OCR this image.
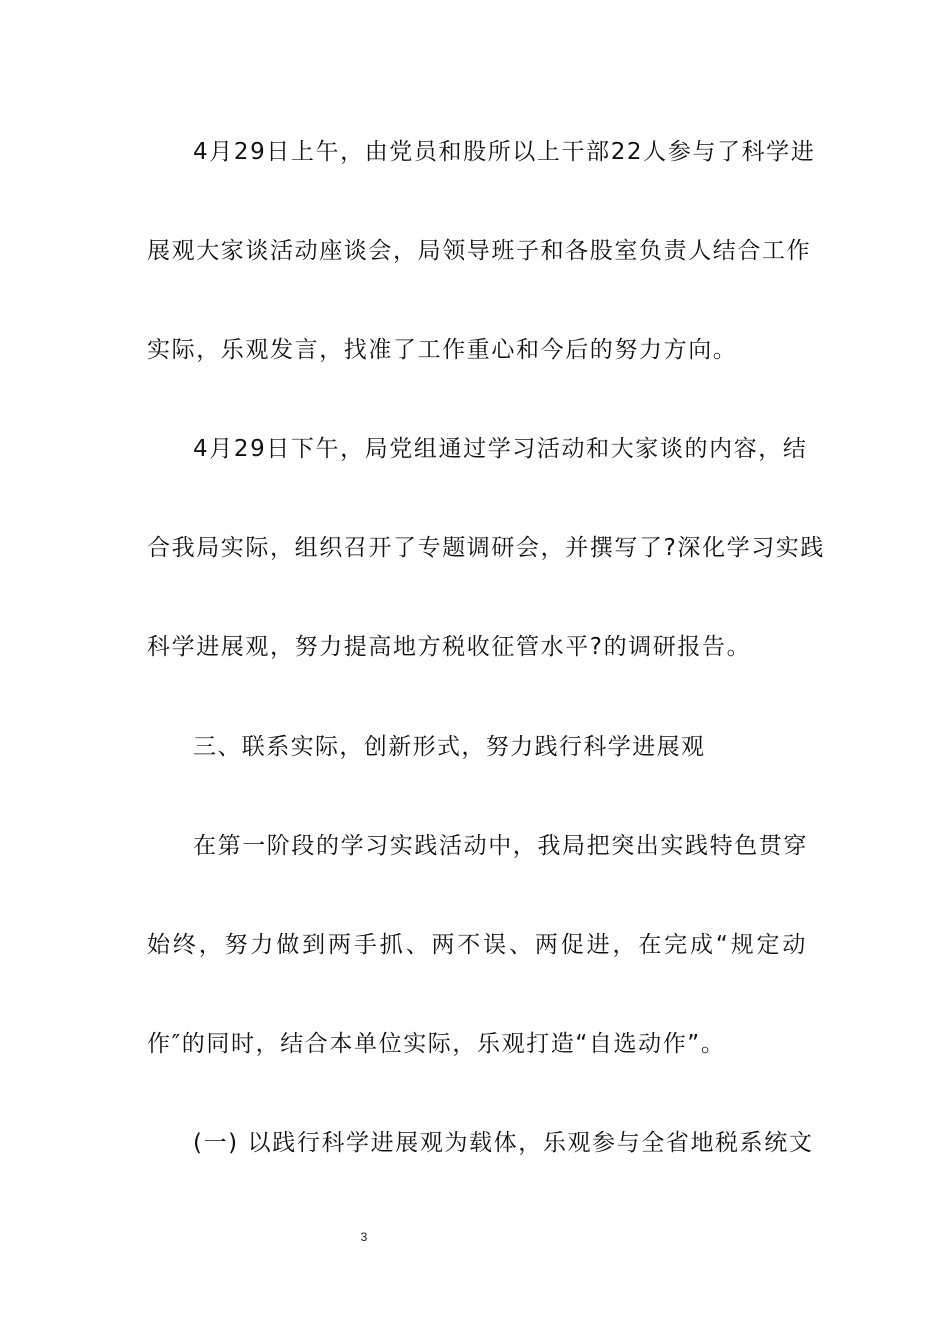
4月29日上午，由党员和股所以上干部22人参与了科学进
展观大家谈活动座谈会，局领导班子和各股室负责人结合工作
实际，乐观发言，找准了工作重心和今后的努力方向。
4月29日下午，局党组通过学习活动和大家谈的内容，结
合我局实际，组织召开了专题调研会，并撰写了?深化学习实践
科学进展观，努力提高地方税收征管水平?的调研报告。
三、联系实际，创新形式，努力践行科学进展观
在第一阶段的学习实践活动中，我局把突出实践特色贯穿
始终，努力做到两手抓、两不误、两促进，在完成“规定动
作″的同时，结合本单位实际，乐观打造“自选动作”。
(一) 以践行科学进展观为载体，乐观参与全省地税系统文
3
